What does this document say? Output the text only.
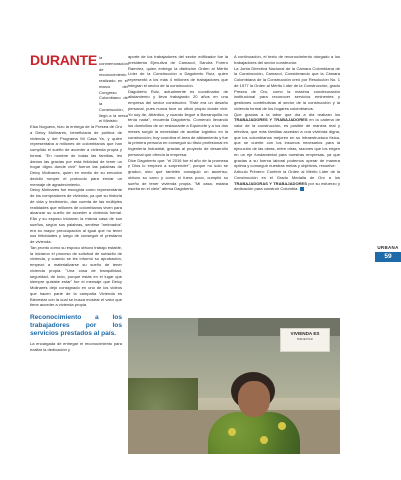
DURANTE la conmemoración de reconocimiento realizado en el marco del Congreso Colombiano de la Construcción, llegó a la mesa el Ministro

Elsa Noguera, hizo la entrega de la Presea de Oro a Deicy Molinares, beneficiaria de política de vivienda y del Programa Mi Casa Ya, y quien representaba a millones de colombianos que han cumplido el sueño de acceder a vivienda propia y formal. "En nombre de todas las familias, les damos las gracias por esta felicidad de tener un hogar digno donde vivir" fueron las palabras de Deicy Molinares, quien en medio de su emoción decidió romper el protocolo para enviar un mensaje de agradecimiento.

Deicy Molinares fue escogida como representante de los compradores de vivienda, ya que su historia de vida y testimonio, dan cuenta de las múltiples realidades que millones de colombianos viven para alcanzar su sueño de acceder a vivienda formal. Ella y su esposo iniciaron la misma casa de sus sueños, según sus palabras, sentirse "arrimados" era su mayor preocupación al igual que no tener sus felicidades y luego de conseguir el préstamo de vivienda.

Tan pronto como su esposo obtuvo trabajo estable, la iniciaron el proceso de solicitud de subsidio de vivienda, y cuando se les informó su aprobación, empezó a materializarse su sueño de tener vivienda propia. "Una cosa de tranquilidad, seguridad, de todo, porque estás en el lugar que siempre quisiste estar" fue el mensaje que Deicy Molinares dejó consignado en uno de los videos que hacen parte de la campaña Vivienda es Bienestar con la cual se busca mostrar el valor que tiene acceder a vivienda propia.

Reconocimiento a los trabajadores por los servicios prestados al país.

La encargada de entregar el reconocimiento para exaltar la dedicación y

aporte de los trabajadores del sector edificador fue la presidenta Ejecutiva de Camacol, Sandra Forero Ramírez, quien entregó la distinción Orden al Mérito Líder de la Construcción a Dagoberto Ruiz, quien representó a los más 4 millones de trabajadores que integran el sector de la construcción.

Dagoberto Ruiz, actualmente es coordinador de alistamiento y lleva trabajando 20 años en una empresa del sector constructor. "Este era un desafío personal, pues nunca tuve un oficio propio donde vivir. Yo soy de, Atlántico, y cuando llegué a Barranquilla no tenía nada", recuerda Dagoberto. Comenzó llevando los domicilios de un restaurante a Equinorte y a los dos meses surgió la necesidad de auxiliar logístico en la construcción; hoy coordina el área de alistamiento y fue la primera persona en conseguir su título profesional en Ingeniería Industrial, gracias al proyecto de desarrollo personal que ofrecía la empresa.

Dice Dagoberto que: "el 2016 fue el año de la promesa y Dios lo empezó a sorprender", porque no solo se graduó, sino que también consiguió un ascenso, obtuvo su carro y como si fuera poco, cumplió su sueño de tener vivienda propia. "Mi casa, estaba escrita en el cielo" afirma Dagoberto.

A continuación, el texto de reconocimiento otorgado a los trabajadores del sector constructor.

La Junta Directiva Nacional de la Cámara Colombiana de la Construcción, Camacol, Considerando que la Cámara Colombiana de la Construcción creó por Resolución No. 1 de 1977 la Orden al Mérito Líder de la Construcción, grado Presea de Oro, como la máxima condecoración institucional para reconocer servicios eminentes y gestiones contributivas al sector de la construcción y la vivienda formal de los hogares colombianos.

Que gracias a la labor que día a día realizan los TRABAJADORES Y TRABAJADORES en la cadena de valor de la construcción, es posible de manera real y efectiva, que más familias accedan a una vivienda digna, que los colombianos mejoren en su infraestructura física, que se cuente con los insumos necesarios para la ejecución de las obras, entre otras, razones que los erigen en un eje fundamental para nuestras empresas, ya que gracias a su fuerza laboral podemos operar de manera óptima y conseguir nuestras metas y objetivos, resuelve:

Artículo Primero: Conferir la Orden al Mérito Líder de la Construcción en el Grado Medalla de Oro a los TRABAJADORAS Y TRABAJADORES por su esfuerzo y dedicación para construir Colombia.

VIVIENDA ES
BIENESTAR
URBANA
59
